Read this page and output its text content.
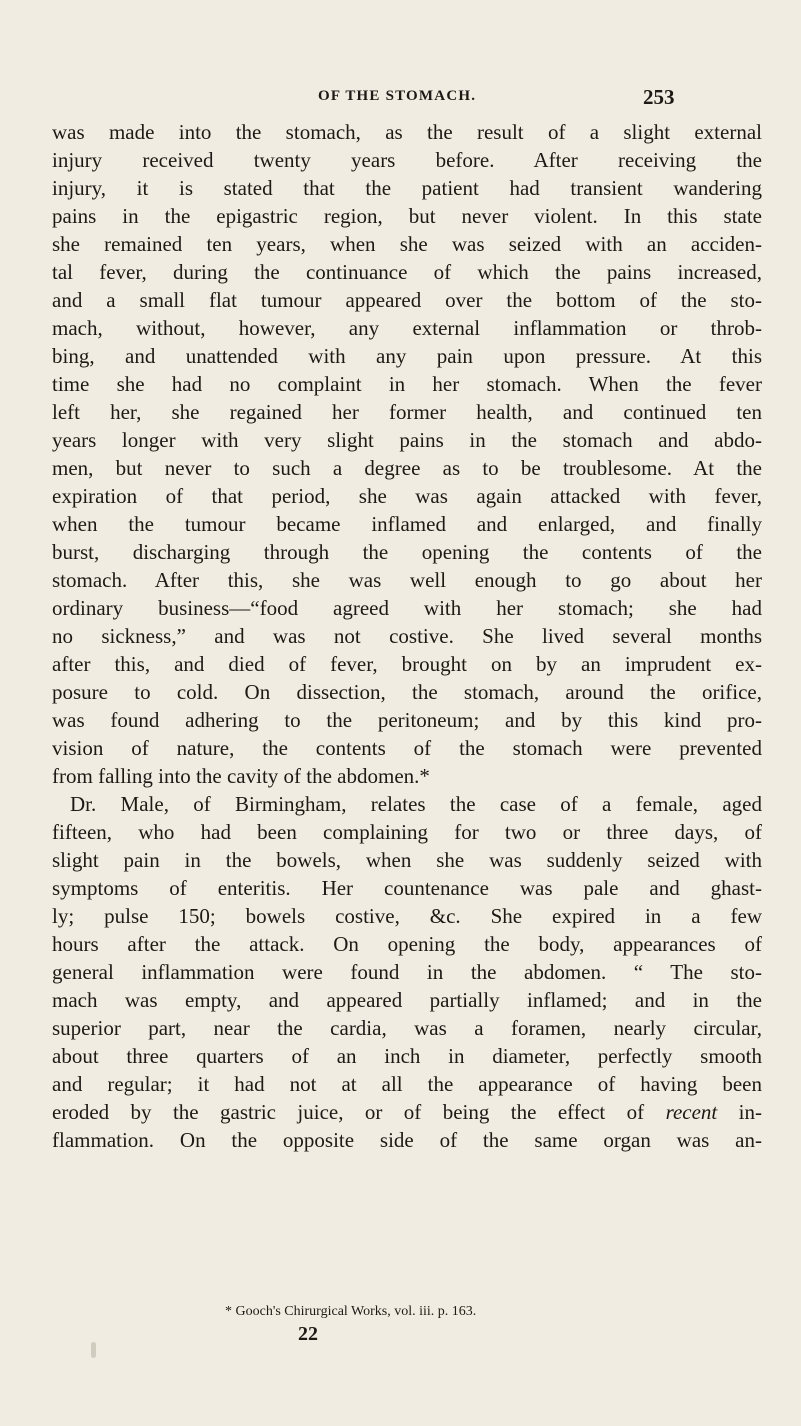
OF THE STOMACH.	253
was made into the stomach, as the result of a slight external
injury received twenty years before. After receiving the
injury, it is stated that the patient had transient wandering
pains in the epigastric region, but never violent. In this state
she remained ten years, when she was seized with an acciden-
tal fever, during the continuance of which the pains increased,
and a small flat tumour appeared over the bottom of the sto-
mach, without, however, any external inflammation or throb-
bing, and unattended with any pain upon pressure. At this
time she had no complaint in her stomach. When the fever
left her, she regained her former health, and continued ten
years longer with very slight pains in the stomach and abdo-
men, but never to such a degree as to be troublesome. At the
expiration of that period, she was again attacked with fever,
when the tumour became inflamed and enlarged, and finally
burst, discharging through the opening the contents of the
stomach. After this, she was well enough to go about her
ordinary business—“food agreed with her stomach; she had
no sickness,” and was not costive. She lived several months
after this, and died of fever, brought on by an imprudent ex-
posure to cold. On dissection, the stomach, around the orifice,
was found adhering to the peritoneum; and by this kind pro-
vision of nature, the contents of the stomach were prevented
from falling into the cavity of the abdomen.*
Dr. Male, of Birmingham, relates the case of a female, aged
fifteen, who had been complaining for two or three days, of
slight pain in the bowels, when she was suddenly seized with
symptoms of enteritis. Her countenance was pale and ghast-
ly; pulse 150; bowels costive, &c. She expired in a few
hours after the attack. On opening the body, appearances of
general inflammation were found in the abdomen. “ The sto-
mach was empty, and appeared partially inflamed; and in the
superior part, near the cardia, was a foramen, nearly circular,
about three quarters of an inch in diameter, perfectly smooth
and regular; it had not at all the appearance of having been
eroded by the gastric juice, or of being the effect of recent in-
flammation. On the opposite side of the same organ was an-
* Gooch's Chirurgical Works, vol. iii. p. 163.
22
